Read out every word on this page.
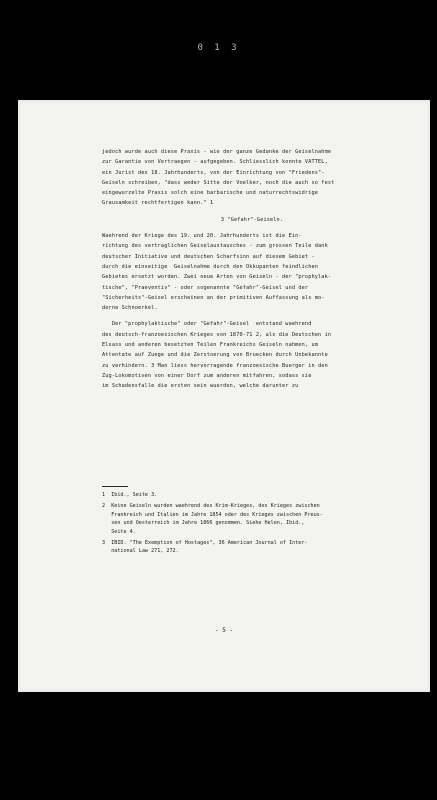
0 1 3
jedoch wurde auch diese Praxis - wie der ganze Gedanke der Geiselnahme
zur Garantie von Vertraegen - aufgegeben. Schliesslich konnte VATTEL,
ein Jurist des 18. Jahrhunderts, von der Einrichtung von "Friedens"-
Geiseln schreiben, "dass weder Sitte der Voelker, noch die auch so fest
eingewurzelte Praxis solch eine barbarische und naturrechtswidrige
Grausamkeit rechtfertigen kann." 1
3 "Gefahr"-Geiseln.
Waehrend der Kriege des 19. und 20. Jahrhunderts ist die Ein-
richtung des vertraglichen Geiselaustausches - zum grossen Teile dank
deutscher Initiative und deutschen Scharfsinn auf diesem Gebiet -
durch die einseitige  Geiselnahme durch den Okkupanten feindlichen
Gebietes ersetzt worden. Zwei neue Arten von Geiseln - der "prophylak-
tische", "Praeventiv" - oder sogenannte "Gefahr"-Geisel und der
"Sicherheits"-Geisel erscheinen an der primitiven Auffassung als mo-
derne Schnoerkel.
Der "prophylaktische" oder "Gefahr"-Geisel  entstand waehrend
des deutsch-franzoesischen Krieges von 1870-71 2, als die Deutschen in
Elsass und anderen besetzten Teilen Frankreichs Geiseln nahmen, um
Attentate auf Zuege und die Zerstoerung von Bruecken durch Unbekannte
zu verhindern. 3 Man liess hervorragende franzoesische Buerger in den
Zug-Lokomotiven von einer Dorf zum anderen mitfahren, sodass sie
im Schadensfalle die ersten sein wuerden, welche darunter zu
1  Ibid., Seite 3.
2  Keine Geiseln wurden waehrend des Krim-Krieges, des Krieges zwischen
Frankreich und Italien im Jahre 1854 oder des Krieges zwischen Preus-
sen und Oesterreich im Jahre 1866 genommen. Siehe Helen, Ibid.,
Seite 4.
3  IBID. "The Exemption of Hostages", 36 American Journal of Inter-
national Law 271, 272.
- 5 -
